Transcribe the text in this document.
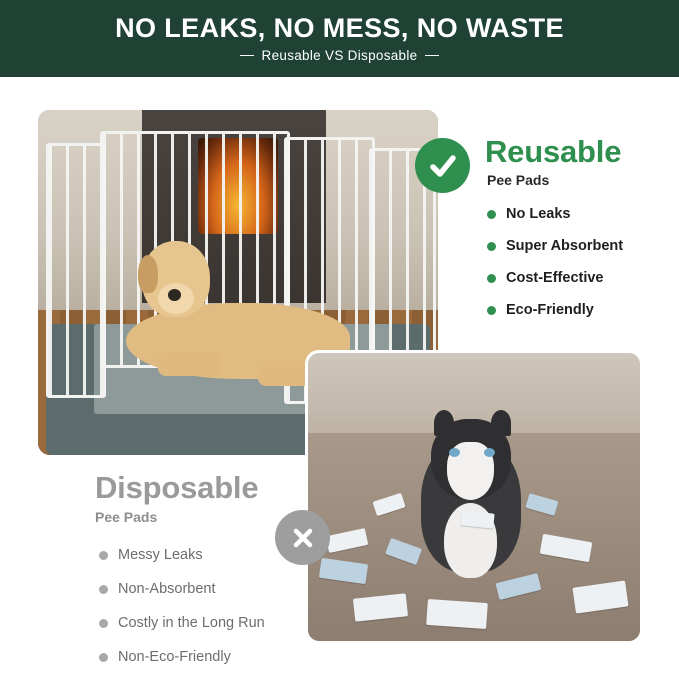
NO LEAKS, NO MESS, NO WASTE
Reusable VS Disposable
Reusable
Pee Pads
No Leaks
Super Absorbent
Cost-Effective
Eco-Friendly
Disposable
Pee Pads
Messy Leaks
Non-Absorbent
Costly in the Long Run
Non-Eco-Friendly
